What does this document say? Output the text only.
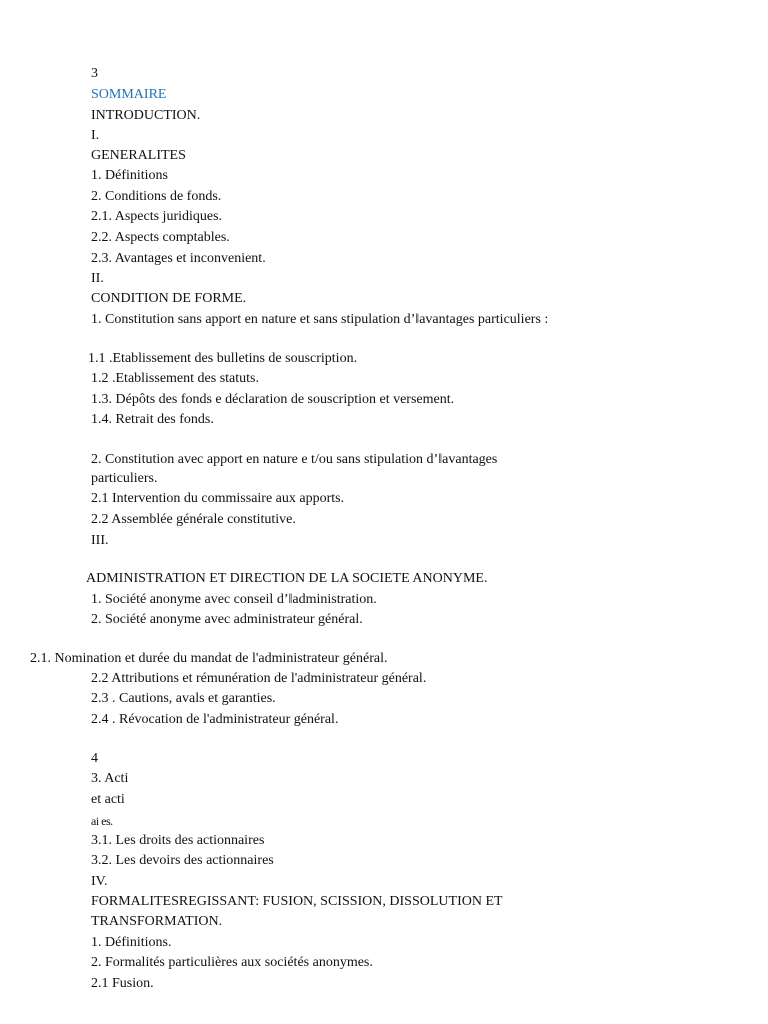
3

SOMMAIRE

INTRODUCTION.

I.

GENERALITES

1. Définitions

2. Conditions de fonds.

2.1. Aspects juridiques.

2.2. Aspects comptables.

2.3. Avantages et inconvenient.

II.

CONDITION DE FORME.

1. Constitution sans apport en nature et sans stipulation dʼ‖avantages particuliers :

1.1 .Etablissement des bulletins de souscription.

1.2 .Etablissement des statuts.

1.3. Dépôts des fonds e déclaration de souscription et versement.

1.4. Retrait des fonds.

2. Constitution avec apport en nature e t/ou sans stipulation dʼ‖avantages

particuliers.

2.1 Intervention du commissaire aux apports.

2.2 Assemblée générale constitutive.

III.

ADMINISTRATION ET DIRECTION DE LA SOCIETE ANONYME.

1. Société anonyme avec conseil dʼ‖administration.

2. Société anonyme avec administrateur général.

2.1. Nomination et durée du mandat de l'administrateur général.

2.2 Attributions et rémunération de l'administrateur général.

2.3 . Cautions, avals et garanties.

2.4 . Révocation de l'administrateur général.

4

3. Acti

et acti

ai es.

3.1. Les droits des actionnaires

3.2. Les devoirs des actionnaires

IV.

FORMALITESREGISSANT: FUSION, SCISSION, DISSOLUTION ET

TRANSFORMATION.

1. Définitions.

2. Formalités particulières aux sociétés anonymes.

2.1 Fusion.
